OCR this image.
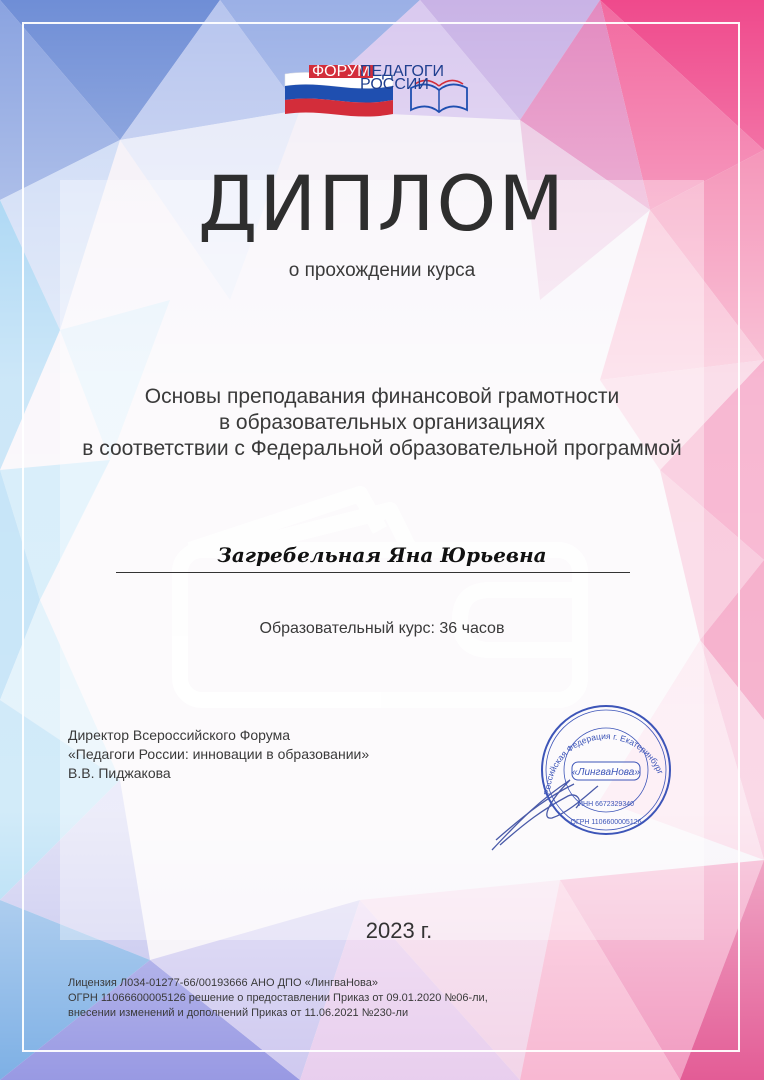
ФОРУМ
ПЕДАГОГИ РОССИИ
ДИПЛОМ
о прохождении курса
Основы преподавания финансовой грамотности
в образовательных организациях
в соответствии с Федеральной образовательной программой
Загребельная Яна Юрьевна
Образовательный курс: 36 часов
Директор Всероссийского Форума
«Педагоги России: инновации в образовании»
В.В. Пиджакова
Российская Федерация г. Екатеринбург
«ЛингваНова»
ИНН 6672329340
ОГРН 1106600005126
2023 г.
Лицензия Л034-01277-66/00193666 АНО ДПО «ЛингваНова»
ОГРН 11066600005126 решение о предоставлении Приказ от 09.01.2020 №06-ли,
внесении изменений и дополнений Приказ от 11.06.2021 №230-ли
